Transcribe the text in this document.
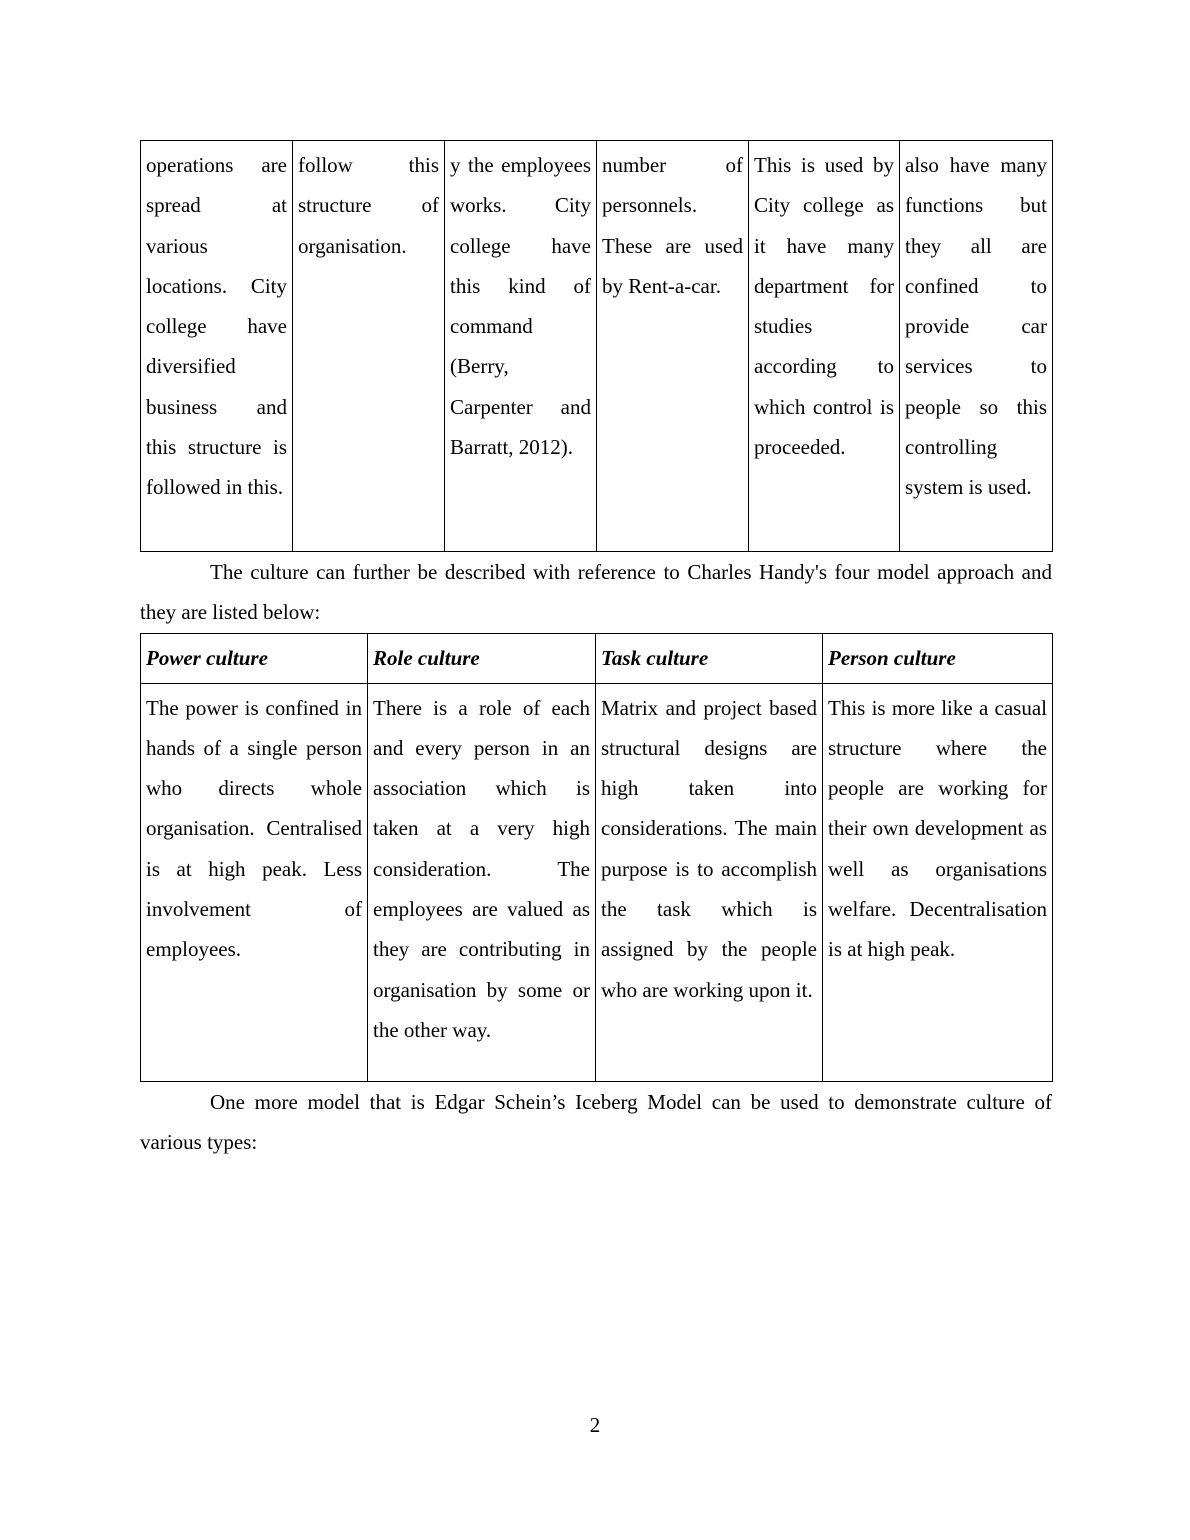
operations are spread at various locations. City college have diversified business and this structure is followed in this.	follow this structure of organisation.	y the employees works. City college have this kind of command (Berry, Carpenter and Barratt, 2012).	number of personnels. These are used by Rent-a-car.	This is used by City college as it have many department for studies according to which control is proceeded.	also have many functions but they all are confined to provide car services to people so this controlling system is used.

The culture can further be described with reference to Charles Handy's four model approach and they are listed below:

Power culture	Role culture	Task culture	Person culture
The power is confined in hands of a single person who directs whole organisation. Centralised is at high peak. Less involvement of employees.	There is a role of each and every person in an association which is taken at a very high consideration. The employees are valued as they are contributing in organisation by some or the other way.	Matrix and project based structural designs are high taken into considerations. The main purpose is to accomplish the task which is assigned by the people who are working upon it.	This is more like a casual structure where the people are working for their own development as well as organisations welfare. Decentralisation is at high peak.

One more model that is Edgar Schein’s Iceberg Model can be used to demonstrate culture of various types:

2
